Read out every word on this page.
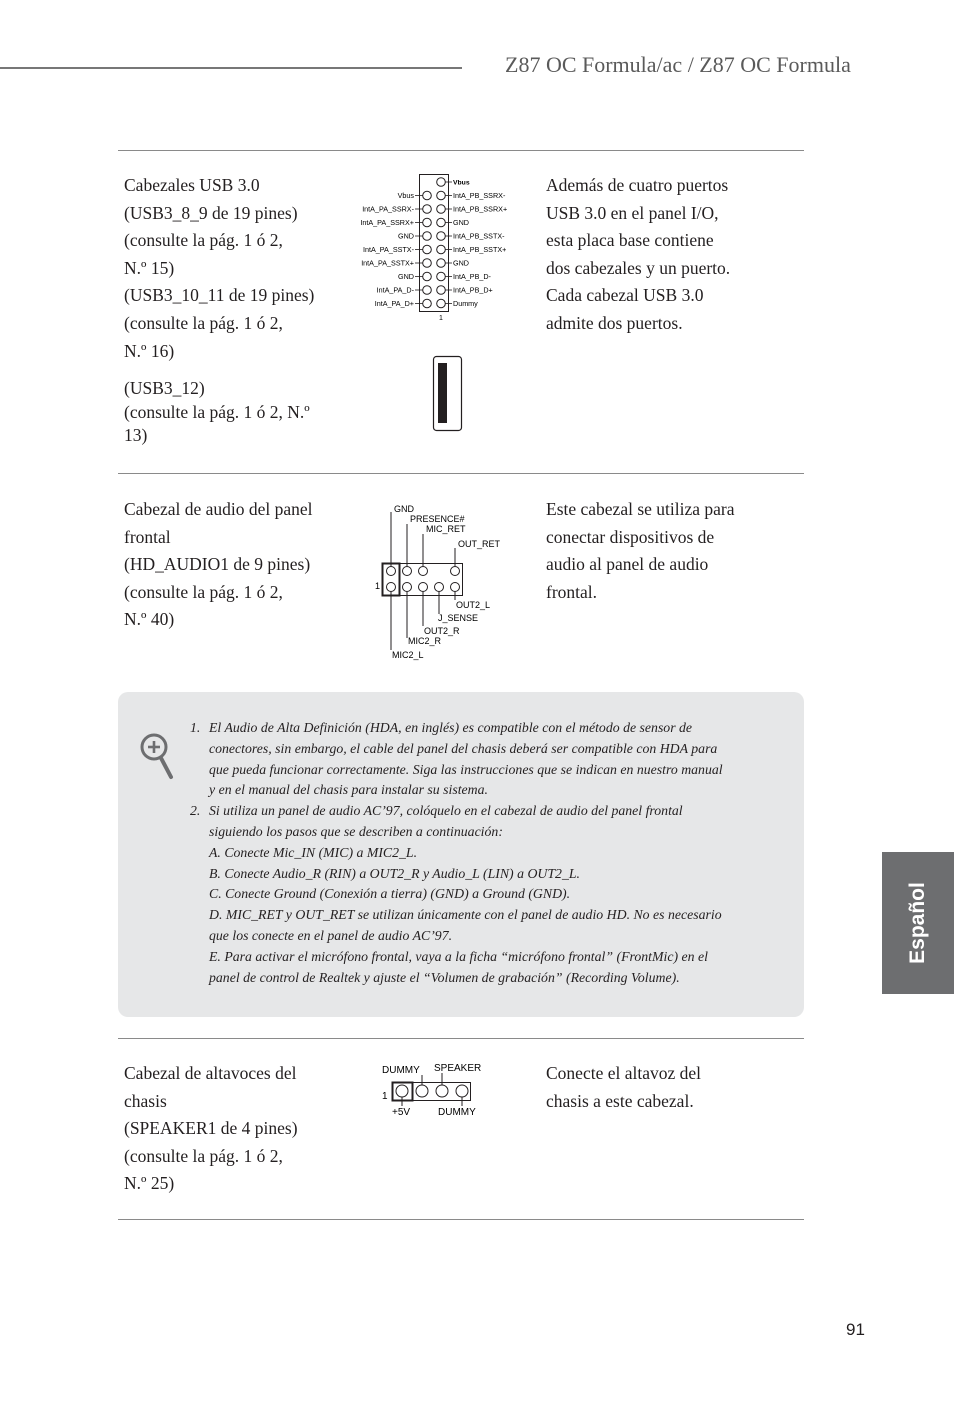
Z87 OC Formula/ac / Z87 OC Formula
Cabezales USB 3.0
(USB3_8_9 de 19 pines)
(consulte la pág. 1 ó 2,
N.º 15)
(USB3_10_11 de 19 pines)
(consulte la pág. 1 ó 2,
N.º 16)
(USB3_12)
(consulte la pág. 1 ó 2, N.º
13)
Además de cuatro puertos
USB 3.0 en el panel I/O,
esta placa base contiene
dos cabezales y un puerto.
Cada cabezal USB 3.0
admite dos puertos.
Vbus
IntA_PA_SSRX-
IntA_PA_SSRX+
GND
IntA_PA_SSTX-
IntA_PA_SSTX+
GND
IntA_PA_D-
IntA_PA_D+
Vbus
IntA_PB_SSRX-
IntA_PB_SSRX+
GND
IntA_PB_SSTX-
IntA_PB_SSTX+
GND
IntA_PB_D-
IntA_PB_D+
Dummy
1
Cabezal de audio del panel
frontal
(HD_AUDIO1 de 9 pines)
(consulte la pág. 1 ó 2,
N.º 40)
Este cabezal se utiliza para
conectar dispositivos de
audio al panel de audio
frontal.
GND
PRESENCE#
MIC_RET
OUT_RET
1
OUT2_L
J_SENSE
OUT2_R
MIC2_R
MIC2_L
1. El Audio de Alta Definición (HDA, en inglés) es compatible con el método de sensor de
conectores, sin embargo, el cable del panel del chasis deberá ser compatible con HDA para
que pueda funcionar correctamente. Siga las instrucciones que se indican en nuestro manual
y en el manual del chasis para instalar su sistema.
2. Si utiliza un panel de audio AC’97, colóquelo en el cabezal de audio del panel frontal
siguiendo los pasos que se describen a continuación:
A. Conecte Mic_IN (MIC) a MIC2_L.
B. Conecte Audio_R (RIN) a OUT2_R y Audio_L (LIN) a OUT2_L.
C. Conecte Ground (Conexión a tierra) (GND) a Ground (GND).
D. MIC_RET y OUT_RET se utilizan únicamente con el panel de audio HD. No es necesario
que los conecte en el panel de audio AC’97.
E. Para activar el micrófono frontal, vaya a la ficha “micrófono frontal” (FrontMic) en el
panel de control de Realtek y ajuste el “Volumen de grabación” (Recording Volume).
Cabezal de altavoces del
chasis
(SPEAKER1 de 4 pines)
(consulte la pág. 1 ó 2,
N.º 25)
Conecte el altavoz del
chasis a este cabezal.
DUMMY SPEAKER
1
+5V	DUMMY
Español
91
